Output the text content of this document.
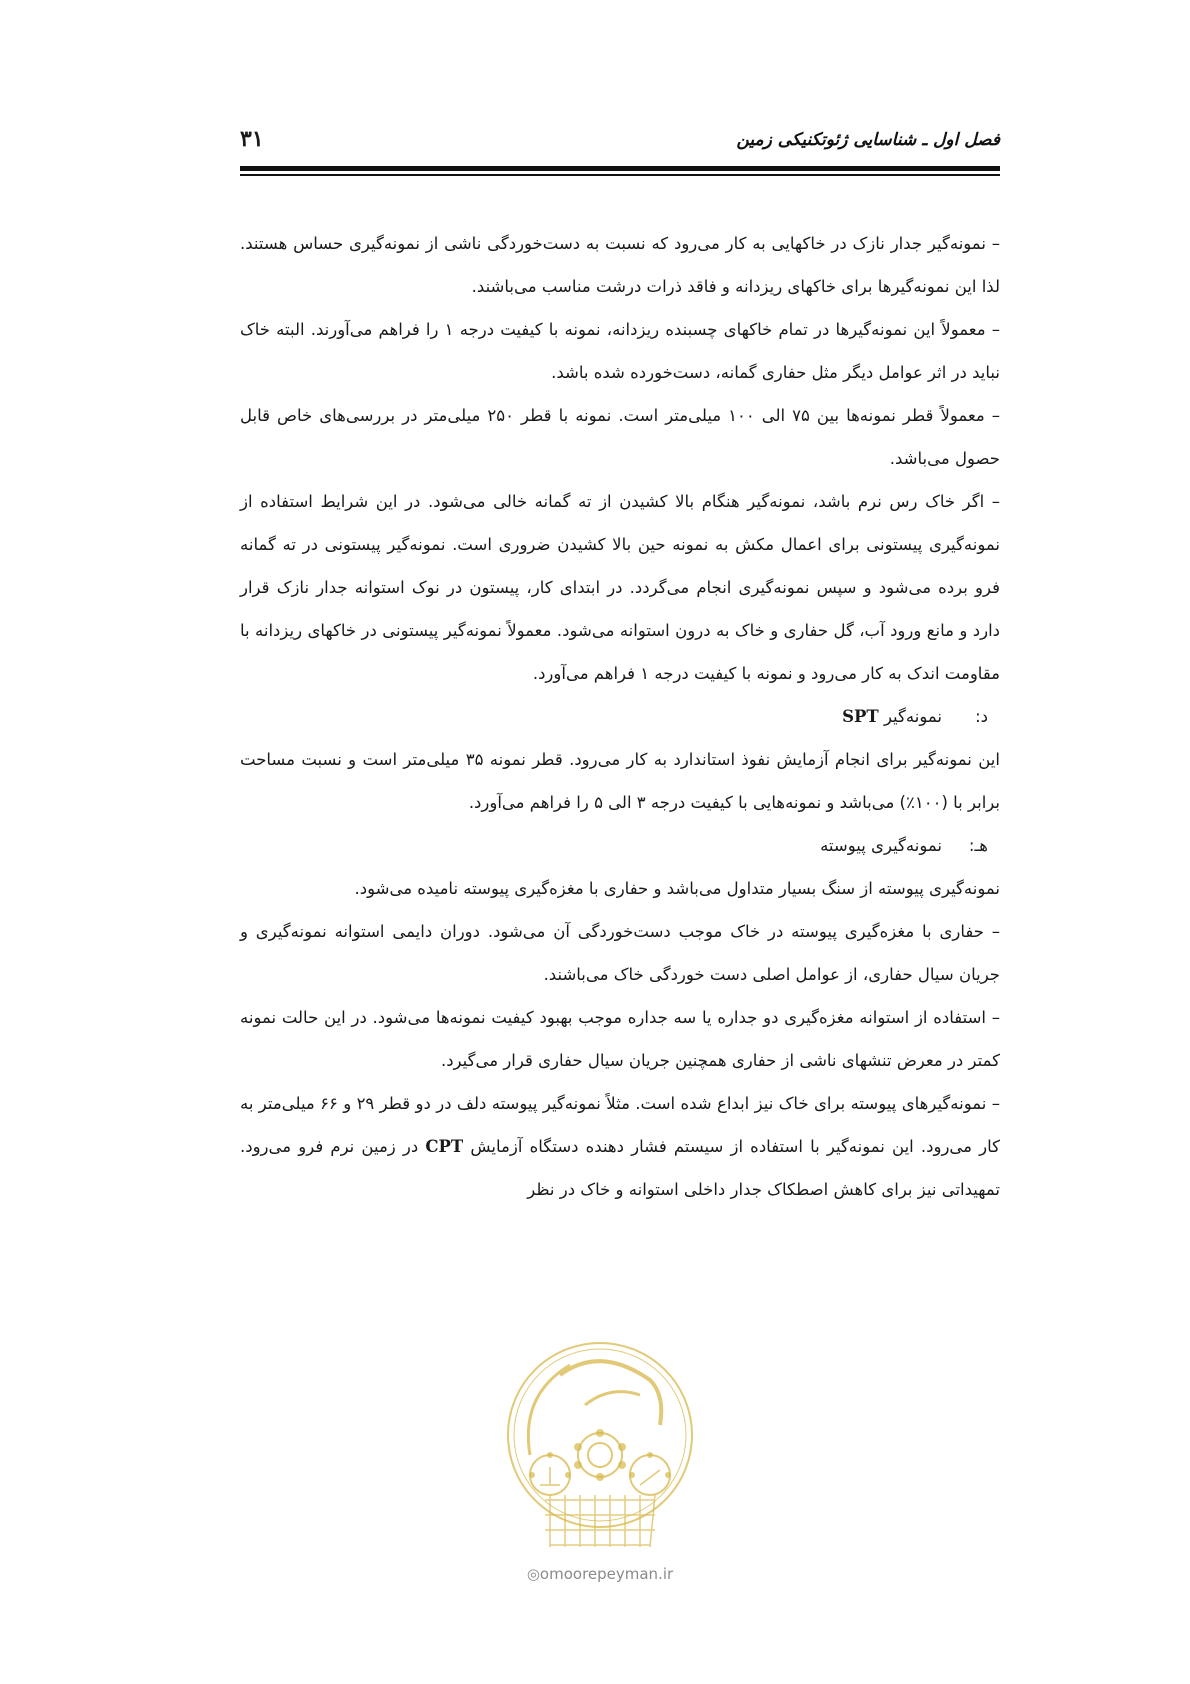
فصل اول ـ شناسایی ژئوتکنیکی زمین
۳۱

– نمونه‌گیر جدار نازک در خاکهایی به کار می‌رود که نسبت به دست‌خوردگی ناشی از نمونه‌گیری حساس هستند. لذا این نمونه‌گیرها برای خاکهای ریزدانه و فاقد ذرات درشت مناسب می‌باشند.

– معمولاً این نمونه‌گیرها در تمام خاکهای چسبنده ریزدانه، نمونه با کیفیت درجه ۱ را فراهم می‌آورند. البته خاک نباید در اثر عوامل دیگر مثل حفاری گمانه، دست‌خورده شده باشد.

– معمولاً قطر نمونه‌ها بین ۷۵ الی ۱۰۰ میلی‌متر است. نمونه با قطر ۲۵۰ میلی‌متر در بررسی‌های خاص قابل حصول می‌باشد.

– اگر خاک رس نرم باشد، نمونه‌گیر هنگام بالا کشیدن از ته گمانه خالی می‌شود. در این شرایط استفاده از نمونه‌گیری پیستونی برای اعمال مکش به نمونه حین بالا کشیدن ضروری است. نمونه‌گیر پیستونی در ته گمانه فرو برده می‌شود و سپس نمونه‌گیری انجام می‌گردد. در ابتدای کار، پیستون در نوک استوانه جدار نازک قرار دارد و مانع ورود آب، گل حفاری و خاک به درون استوانه می‌شود. معمولاً نمونه‌گیر پیستونی در خاکهای ریزدانه با مقاومت اندک به کار می‌رود و نمونه با کیفیت درجه ۱ فراهم می‌آورد.

د:نمونه‌گیر SPT

این نمونه‌گیر برای انجام آزمایش نفوذ استاندارد به کار می‌رود. قطر نمونه ۳۵ میلی‌متر است و نسبت مساحت برابر با (۱۰۰٪) می‌باشد و نمونه‌هایی با کیفیت درجه ۳ الی ۵ را فراهم می‌آورد.

هـ:نمونه‌گیری پیوسته

نمونه‌گیری پیوسته از سنگ بسیار متداول می‌باشد و حفاری با مغزه‌گیری پیوسته نامیده می‌شود.

– حفاری با مغزه‌گیری پیوسته در خاک موجب دست‌خوردگی آن می‌شود. دوران دایمی استوانه نمونه‌گیری و جریان سیال حفاری، از عوامل اصلی دست خوردگی خاک می‌باشند.

– استفاده از استوانه مغزه‌گیری دو جداره یا سه جداره موجب بهبود کیفیت نمونه‌ها می‌شود. در این حالت نمونه کمتر در معرض تنشهای ناشی از حفاری همچنین جریان سیال حفاری قرار می‌گیرد.

– نمونه‌گیرهای پیوسته برای خاک نیز ابداع شده است. مثلاً نمونه‌گیر پیوسته دلف در دو قطر ۲۹ و ۶۶ میلی‌متر به کار می‌رود. این نمونه‌گیر با استفاده از سیستم فشار دهنده دستگاه آزمایش CPT در زمین نرم فرو می‌رود. تمهیداتی نیز برای کاهش اصطکاک جدار داخلی استوانه و خاک در نظر

◎omoorepeyman.ir
